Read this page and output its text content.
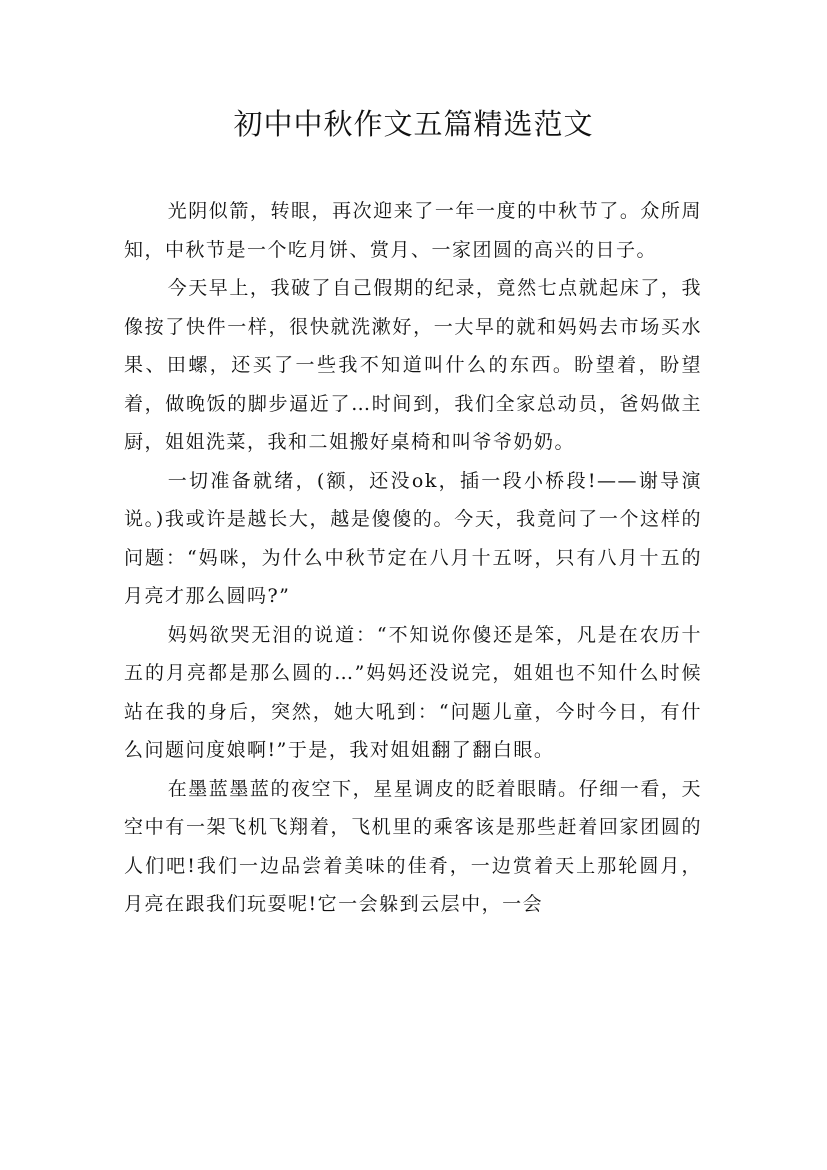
初中中秋作文五篇精选范文

光阴似箭，转眼，再次迎来了一年一度的中秋节了。众所周知，中秋节是一个吃月饼、赏月、一家团圆的高兴的日子。

今天早上，我破了自己假期的纪录，竟然七点就起床了，我像按了快件一样，很快就洗漱好，一大早的就和妈妈去市场买水果、田螺，还买了一些我不知道叫什么的东西。盼望着，盼望着，做晚饭的脚步逼近了…时间到，我们全家总动员，爸妈做主厨，姐姐洗菜，我和二姐搬好桌椅和叫爷爷奶奶。

一切准备就绪，(额，还没ok，插一段小桥段!——谢导演说。)我或许是越长大，越是傻傻的。今天，我竟问了一个这样的问题：“妈咪，为什么中秋节定在八月十五呀，只有八月十五的月亮才那么圆吗?”

妈妈欲哭无泪的说道：“不知说你傻还是笨，凡是在农历十五的月亮都是那么圆的…”妈妈还没说完，姐姐也不知什么时候站在我的身后，突然，她大吼到：“问题儿童，今时今日，有什么问题问度娘啊!”于是，我对姐姐翻了翻白眼。

在墨蓝墨蓝的夜空下，星星调皮的眨着眼睛。仔细一看，天空中有一架飞机飞翔着，飞机里的乘客该是那些赶着回家团圆的人们吧!我们一边品尝着美味的佳肴，一边赏着天上那轮圆月，月亮在跟我们玩耍呢!它一会躲到云层中，一会
